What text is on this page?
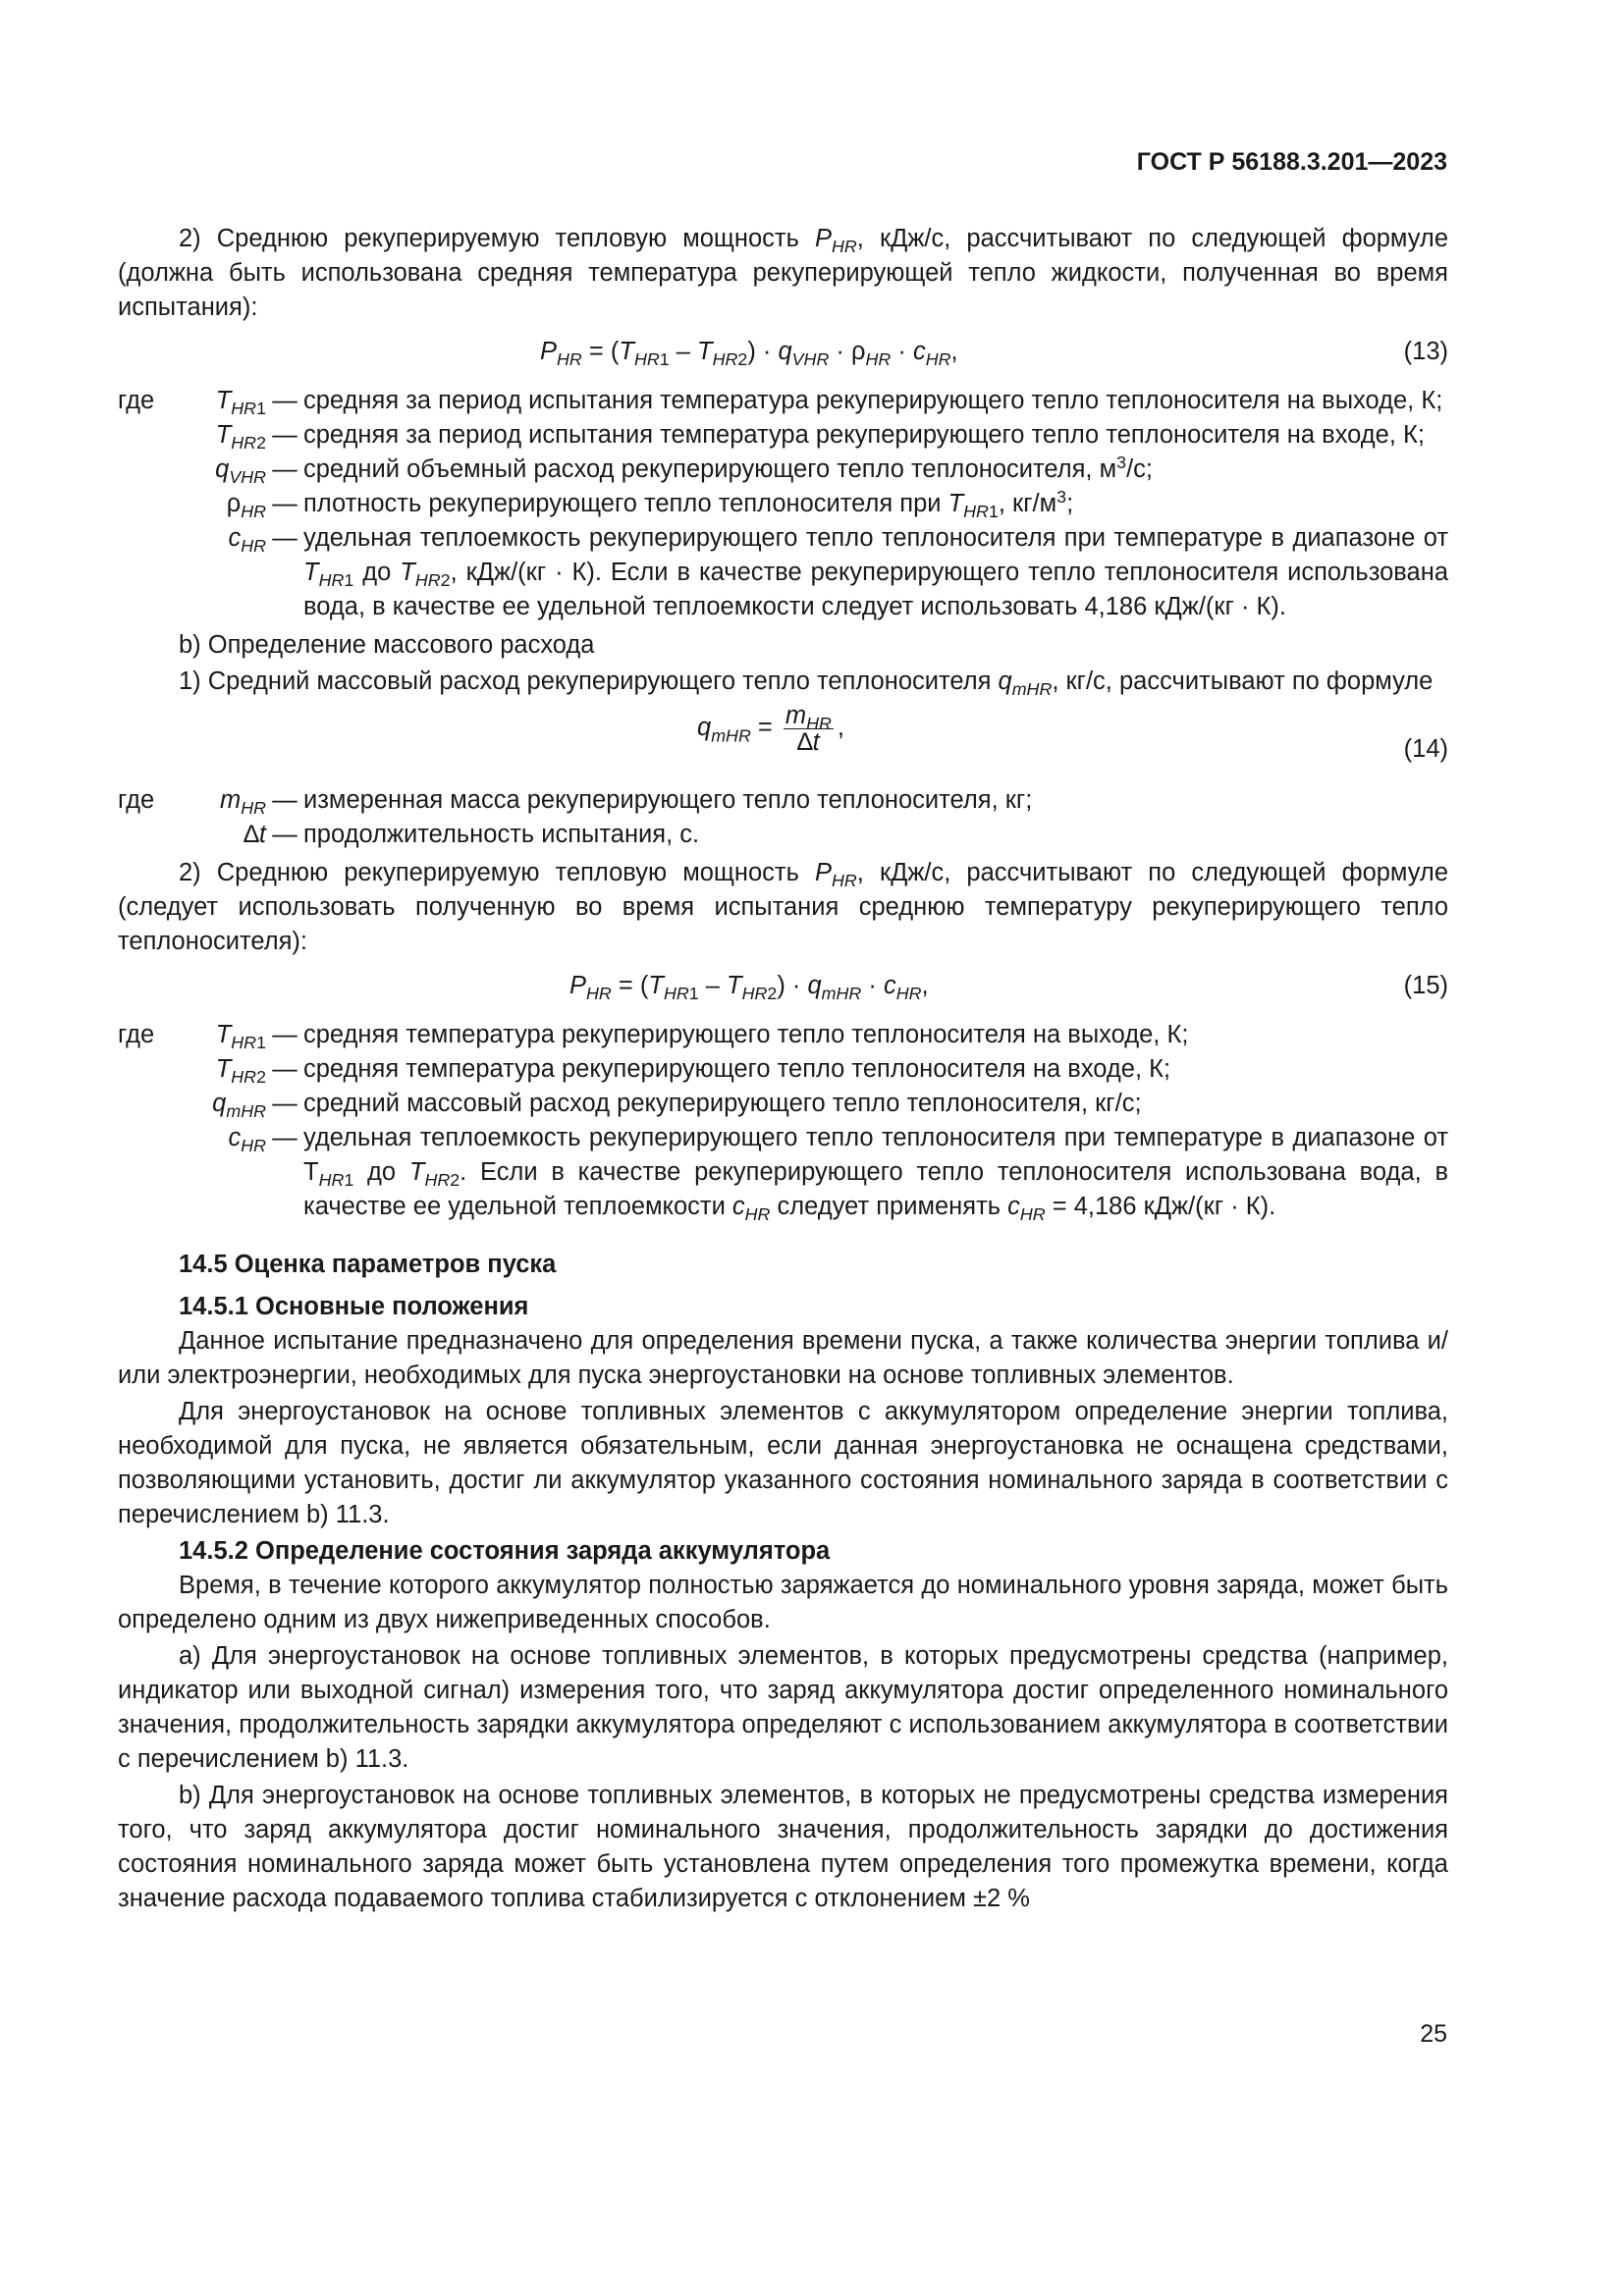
ГОСТ Р 56188.3.201—2023

2) Среднюю рекуперируемую тепловую мощность $P_{HR}$, кДж/с, рассчитывают по следующей формуле (должна быть использована средняя температура рекуперирующей тепло жидкости, полученная во время испытания):

$P_{HR} = (T_{HR1} - T_{HR2}) \cdot q_{VHR} \cdot \rho_{HR} \cdot c_{HR}$,	(13)
где $T_{HR1}$ — средняя за период испытания температура рекуперирующего тепло теплоносителя на выходе, К;
$T_{HR2}$ — средняя за период испытания температура рекуперирующего тепло теплоносителя на входе, К;
$q_{VHR}$ — средний объемный расход рекуперирующего тепло теплоносителя, $м^3/с$;
$\rho_{HR}$ — плотность рекуперирующего тепло теплоносителя при $T_{HR1}$, $кг/м^3$;
$c_{HR}$ — удельная теплоемкость рекуперирующего тепло теплоносителя при температуре в диапазоне от $T_{HR1}$ до $T_{HR2}$, кДж/(кг · К). Если в качестве рекуперирующего тепло теплоносителя использована вода, в качестве ее удельной теплоемкости следует использовать 4,186 кДж/(кг · К).

b) Определение массового расхода

1) Средний массовый расход рекуперирующего тепло теплоносителя $q_{mHR}$, кг/с, рассчитывают по формуле

$q_{mHR} = \frac{m_{HR}}{\Delta t}$ ,
(14)
где	$m_{HR}$ — измеренная масса рекуперирующего тепло теплоносителя, кг;
∆t — продолжительность испытания, с.

2) Среднюю рекуперируемую тепловую мощность $P_{HR}$, кДж/с, рассчитывают по следующей формуле (следует использовать полученную во время испытания среднюю температуру рекуперирующего тепло теплоносителя):

$P_{HR} = (T_{HR1} - T_{HR2}) \cdot q_{mHR} \cdot c_{HR}$,	(15)
где $T_{HR1}$ — средняя температура рекуперирующего тепло теплоносителя на выходе, К;
$T_{HR2}$ — средняя температура рекуперирующего тепло теплоносителя на входе, К;
$q_{mHR}$ — средний массовый расход рекуперирующего тепло теплоносителя, кг/с;
$c_{HR}$ — удельная теплоемкость рекуперирующего тепло теплоносителя при температуре в диапазоне от $Т_{HR1}$ до $T_{HR2}$. Если в качестве рекуперирующего тепло теплоносителя использована вода, в качестве ее удельной теплоемкости $c_{HR}$ следует применять $c_{HR} = 4,186$ кДж/(кг · К).

14.5 Оценка параметров пуска

14.5.1 Основные положения

Данное испытание предназначено для определения времени пуска, а также количества энергии топлива и/или электроэнергии, необходимых для пуска энергоустановки на основе топливных элементов.

Для энергоустановок на основе топливных элементов с аккумулятором определение энергии топлива, необходимой для пуска, не является обязательным, если данная энергоустановка не оснащена средствами, позволяющими установить, достиг ли аккумулятор указанного состояния номинального заряда в соответствии с перечислением b) 11.3.

14.5.2 Определение состояния заряда аккумулятора

Время, в течение которого аккумулятор полностью заряжается до номинального уровня заряда, может быть определено одним из двух нижеприведенных способов.

а) Для энергоустановок на основе топливных элементов, в которых предусмотрены средства (например, индикатор или выходной сигнал) измерения того, что заряд аккумулятора достиг определенного номинального значения, продолжительность зарядки аккумулятора определяют с использованием аккумулятора в соответствии с перечислением b) 11.3.

b) Для энергоустановок на основе топливных элементов, в которых не предусмотрены средства измерения того, что заряд аккумулятора достиг номинального значения, продолжительность зарядки до достижения состояния номинального заряда может быть установлена путем определения того промежутка времени, когда значение расхода подаваемого топлива стабилизируется с отклонением ±2 %

25
